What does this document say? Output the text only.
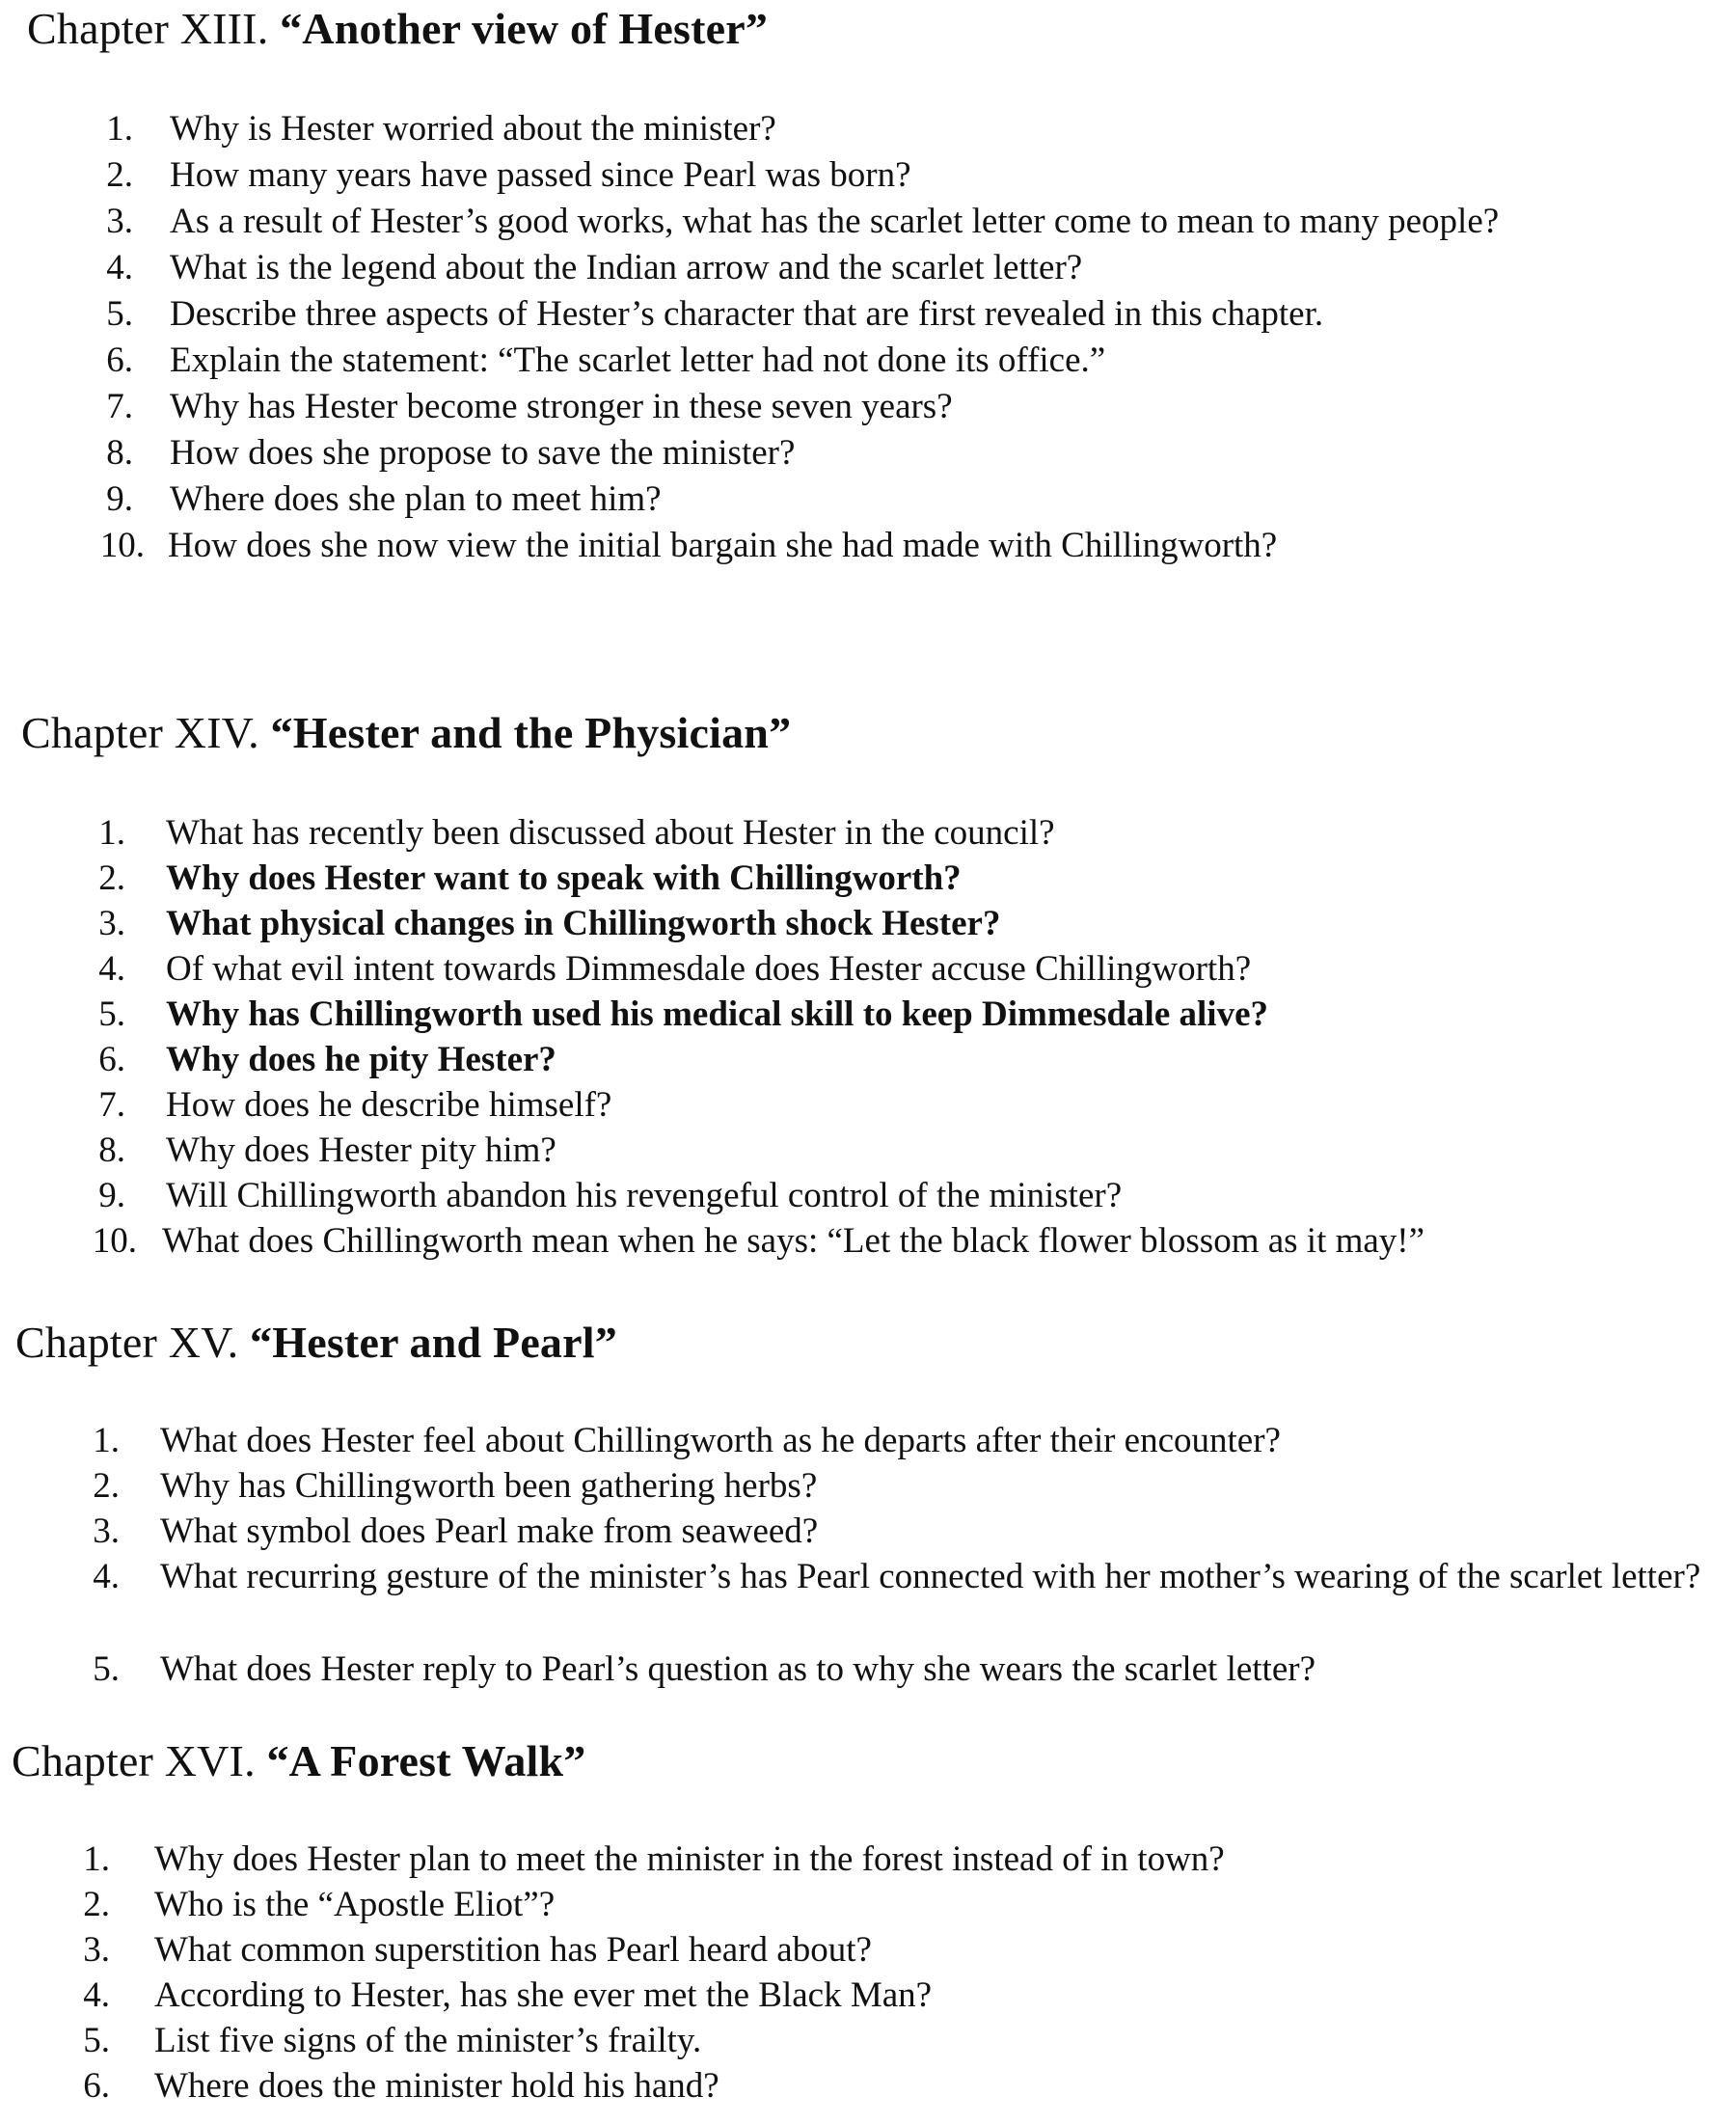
Chapter XIII. “Another view of Hester”
1. Why is Hester worried about the minister?
2. How many years have passed since Pearl was born?
3. As a result of Hester’s good works, what has the scarlet letter come to mean to many people?
4. What is the legend about the Indian arrow and the scarlet letter?
5. Describe three aspects of Hester’s character that are first revealed in this chapter.
6. Explain the statement: “The scarlet letter had not done its office.”
7. Why has Hester become stronger in these seven years?
8. How does she propose to save the minister?
9. Where does she plan to meet him?
10. How does she now view the initial bargain she had made with Chillingworth?
Chapter XIV. “Hester and the Physician”
1. What has recently been discussed about Hester in the council?
2. Why does Hester want to speak with Chillingworth?
3. What physical changes in Chillingworth shock Hester?
4. Of what evil intent towards Dimmesdale does Hester accuse Chillingworth?
5. Why has Chillingworth used his medical skill to keep Dimmesdale alive?
6. Why does he pity Hester?
7. How does he describe himself?
8. Why does Hester pity him?
9. Will Chillingworth abandon his revengeful control of the minister?
10. What does Chillingworth mean when he says: “Let the black flower blossom as it may!”
Chapter XV. “Hester and Pearl”
1. What does Hester feel about Chillingworth as he departs after their encounter?
2. Why has Chillingworth been gathering herbs?
3. What symbol does Pearl make from seaweed?
4. What recurring gesture of the minister’s has Pearl connected with her mother’s wearing of the scarlet letter?
5. What does Hester reply to Pearl’s question as to why she wears the scarlet letter?
Chapter XVI. “A Forest Walk”
1. Why does Hester plan to meet the minister in the forest instead of in town?
2. Who is the “Apostle Eliot”?
3. What common superstition has Pearl heard about?
4. According to Hester, has she ever met the Black Man?
5. List five signs of the minister’s frailty.
6. Where does the minister hold his hand?
